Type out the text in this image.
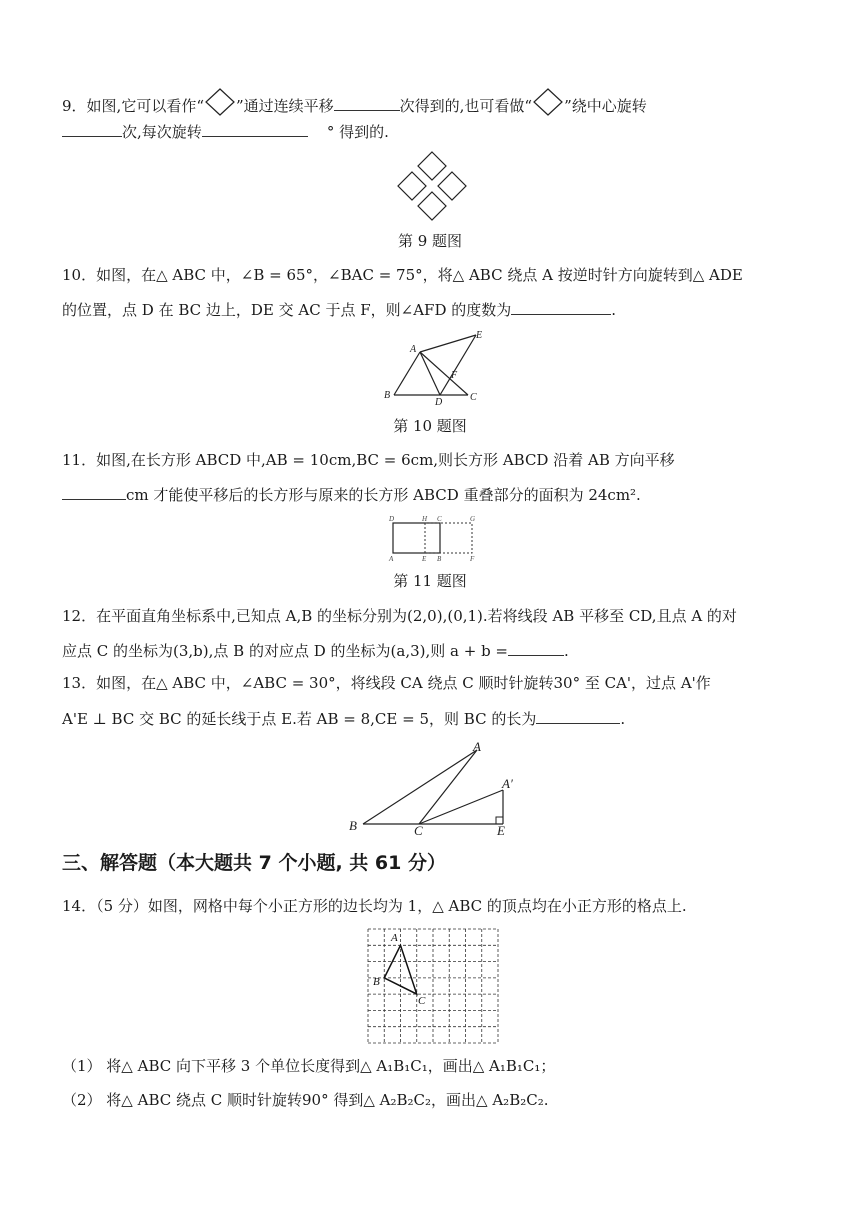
9．如图,它可以看作“ ”通过连续平移	次得到的,也可看做“ ”绕中心旋转
次,每次旋转	° 得到的.
第 9 题图
10．如图，在△ ABC 中，∠B = 65°，∠BAC = 75°，将△ ABC 绕点 A 按逆时针方向旋转到△ ADE
的位置，点 D 在 BC 边上，DE 交 AC 于点 F，则∠AFD 的度数为	.
A
B	C
D
E
F
第 10 题图
11．如图,在长方形 ABCD 中,AB = 10cm,BC = 6cm,则长方形 ABCD 沿着 AB 方向平移
cm 才能使平移后的长方形与原来的长方形 ABCD 重叠部分的面积为 24cm².
D	H C	G
A	E B	F
第 11 题图
12．在平面直角坐标系中,已知点 A,B 的坐标分别为(2,0),(0,1).若将线段 AB 平移至 CD,且点 A 的对
应点 C 的坐标为(3,b),点 B 的对应点 D 的坐标为(a,3),则 a + b =	.
13．如图，在△ ABC 中，∠ABC = 30°，将线段 CA 绕点 C 顺时针旋转30° 至 CA'，过点 A'作
A'E ⊥ BC 交 BC 的延长线于点 E.若 AB = 8,CE = 5，则 BC 的长为	.
A
A′
B	C	E
三、解答题（本大题共 7 个小题, 共 61 分）
14．（5 分）如图，网格中每个小正方形的边长均为 1，△ ABC 的顶点均在小正方形的格点上.
A
B
C
（1） 将△ ABC 向下平移 3 个单位长度得到△ A₁B₁C₁，画出△ A₁B₁C₁；
（2） 将△ ABC 绕点 C 顺时针旋转90° 得到△ A₂B₂C₂，画出△ A₂B₂C₂.
